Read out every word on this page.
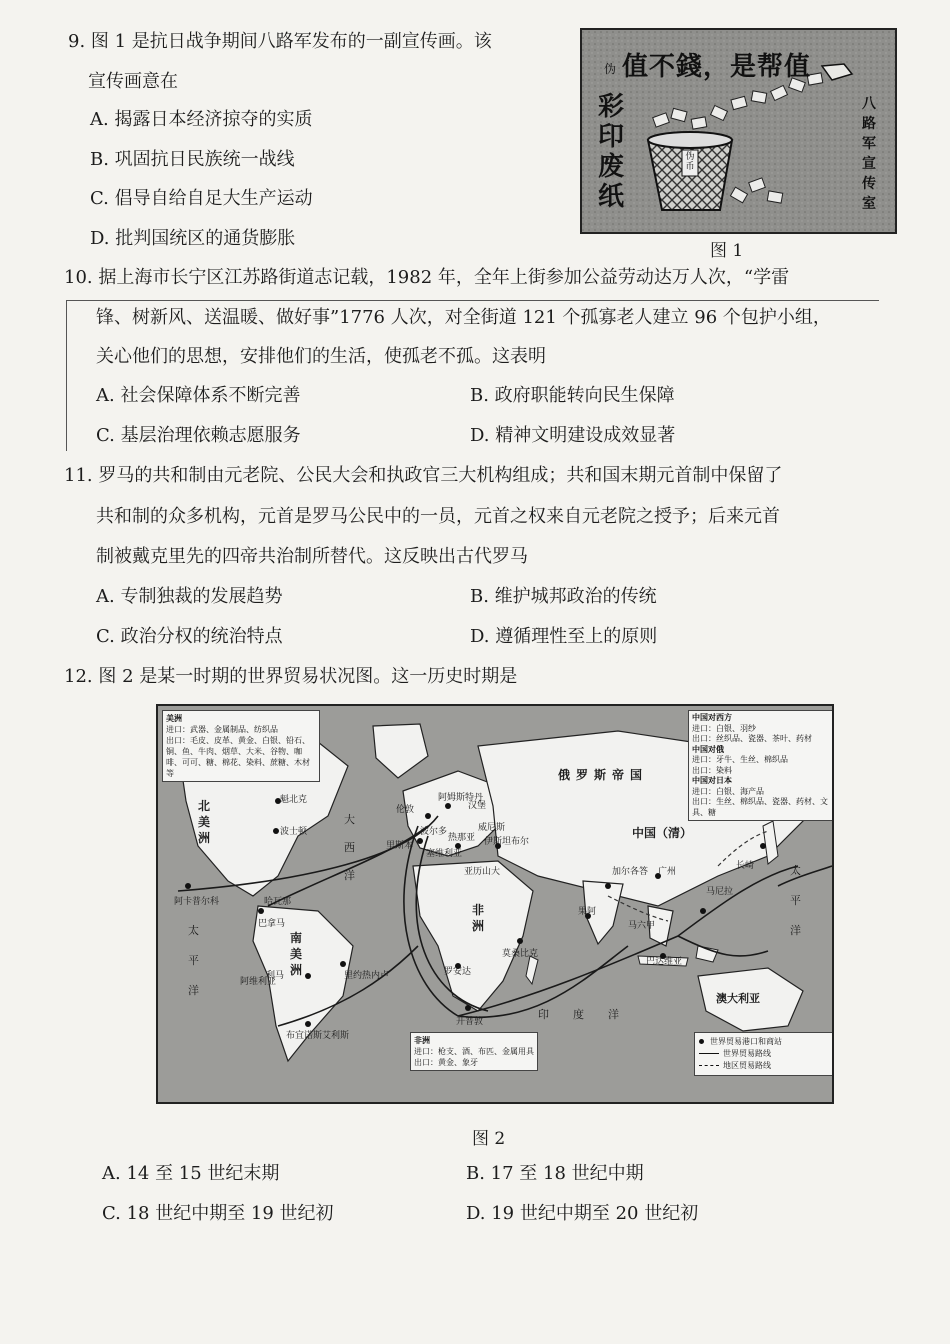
9. 图 1 是抗日战争期间八路军发布的一副宣传画。该
宣传画意在
A. 揭露日本经济掠夺的实质
B. 巩固抗日民族统一战线
C. 倡导自给自足大生产运动
D. 批判国统区的通货膨胀
值不錢，是帮值
伪
彩
印
废
纸
八
路
军
宣
传
室
伪币
图 1
10. 据上海市长宁区江苏路街道志记载，1982 年，全年上街参加公益劳动达万人次，“学雷
锋、树新风、送温暖、做好事”1776 人次，对全街道 121 个孤寡老人建立 96 个包护小组，
关心他们的思想，安排他们的生活，使孤老不孤。这表明
A. 社会保障体系不断完善	B. 政府职能转向民生保障
C. 基层治理依赖志愿服务	D. 精神文明建设成效显著
11. 罗马的共和制由元老院、公民大会和执政官三大机构组成；共和国末期元首制中保留了
共和制的众多机构，元首是罗马公民中的一员，元首之权来自元老院之授予；后来元首
制被戴克里先的四帝共治制所替代。这反映出古代罗马
A. 专制独裁的发展趋势	B. 维护城邦政治的传统
C. 政治分权的统治特点	D. 遵循理性至上的原则
12. 图 2 是某一时期的世界贸易状况图。这一历史时期是
美洲
进口：武器、金属制品、纺织品
出口：毛皮、皮革、黄金、白银、铅石、铜、鱼、牛肉、烟草、大米、谷物、咖啡、可可、糖、棉花、染料、蔗糖、木材等
中国对西方
进口：白银、羽纱
出口：丝织品、瓷器、茶叶、药材
中国对俄
进口：牙牛、生丝、棉织品
出口：染料
中国对日本
进口：白银、海产品
出口：生丝、棉织品、瓷器、药材、文具、糖
非洲
进口：枪支、酒、布匹、金属用具
出口：黄金、象牙
世界贸易港口和商站
世界贸易路线
地区贸易路线
北美洲
南美洲
非洲
澳大利亚
俄罗斯帝国
中国（清）
大西洋
太平洋
太平洋
印度洋
魁北克
波士顿
阿卡普尔科
巴拿马
哈瓦那
利马	里约热内卢
布宜诺斯艾利斯
伦敦
阿姆斯特丹
汉堡
波尔多
塞维利亚
里斯本
热那亚
威尼斯
伊斯坦布尔
亚历山大
罗安达
莫桑比克
开普敦
加尔各答 广州
长崎
马尼拉
巴达维亚
果阿
马六甲
阿维利亚
图 2
A. 14 至 15 世纪末期	B. 17 至 18 世纪中期
C. 18 世纪中期至 19 世纪初	D. 19 世纪中期至 20 世纪初
